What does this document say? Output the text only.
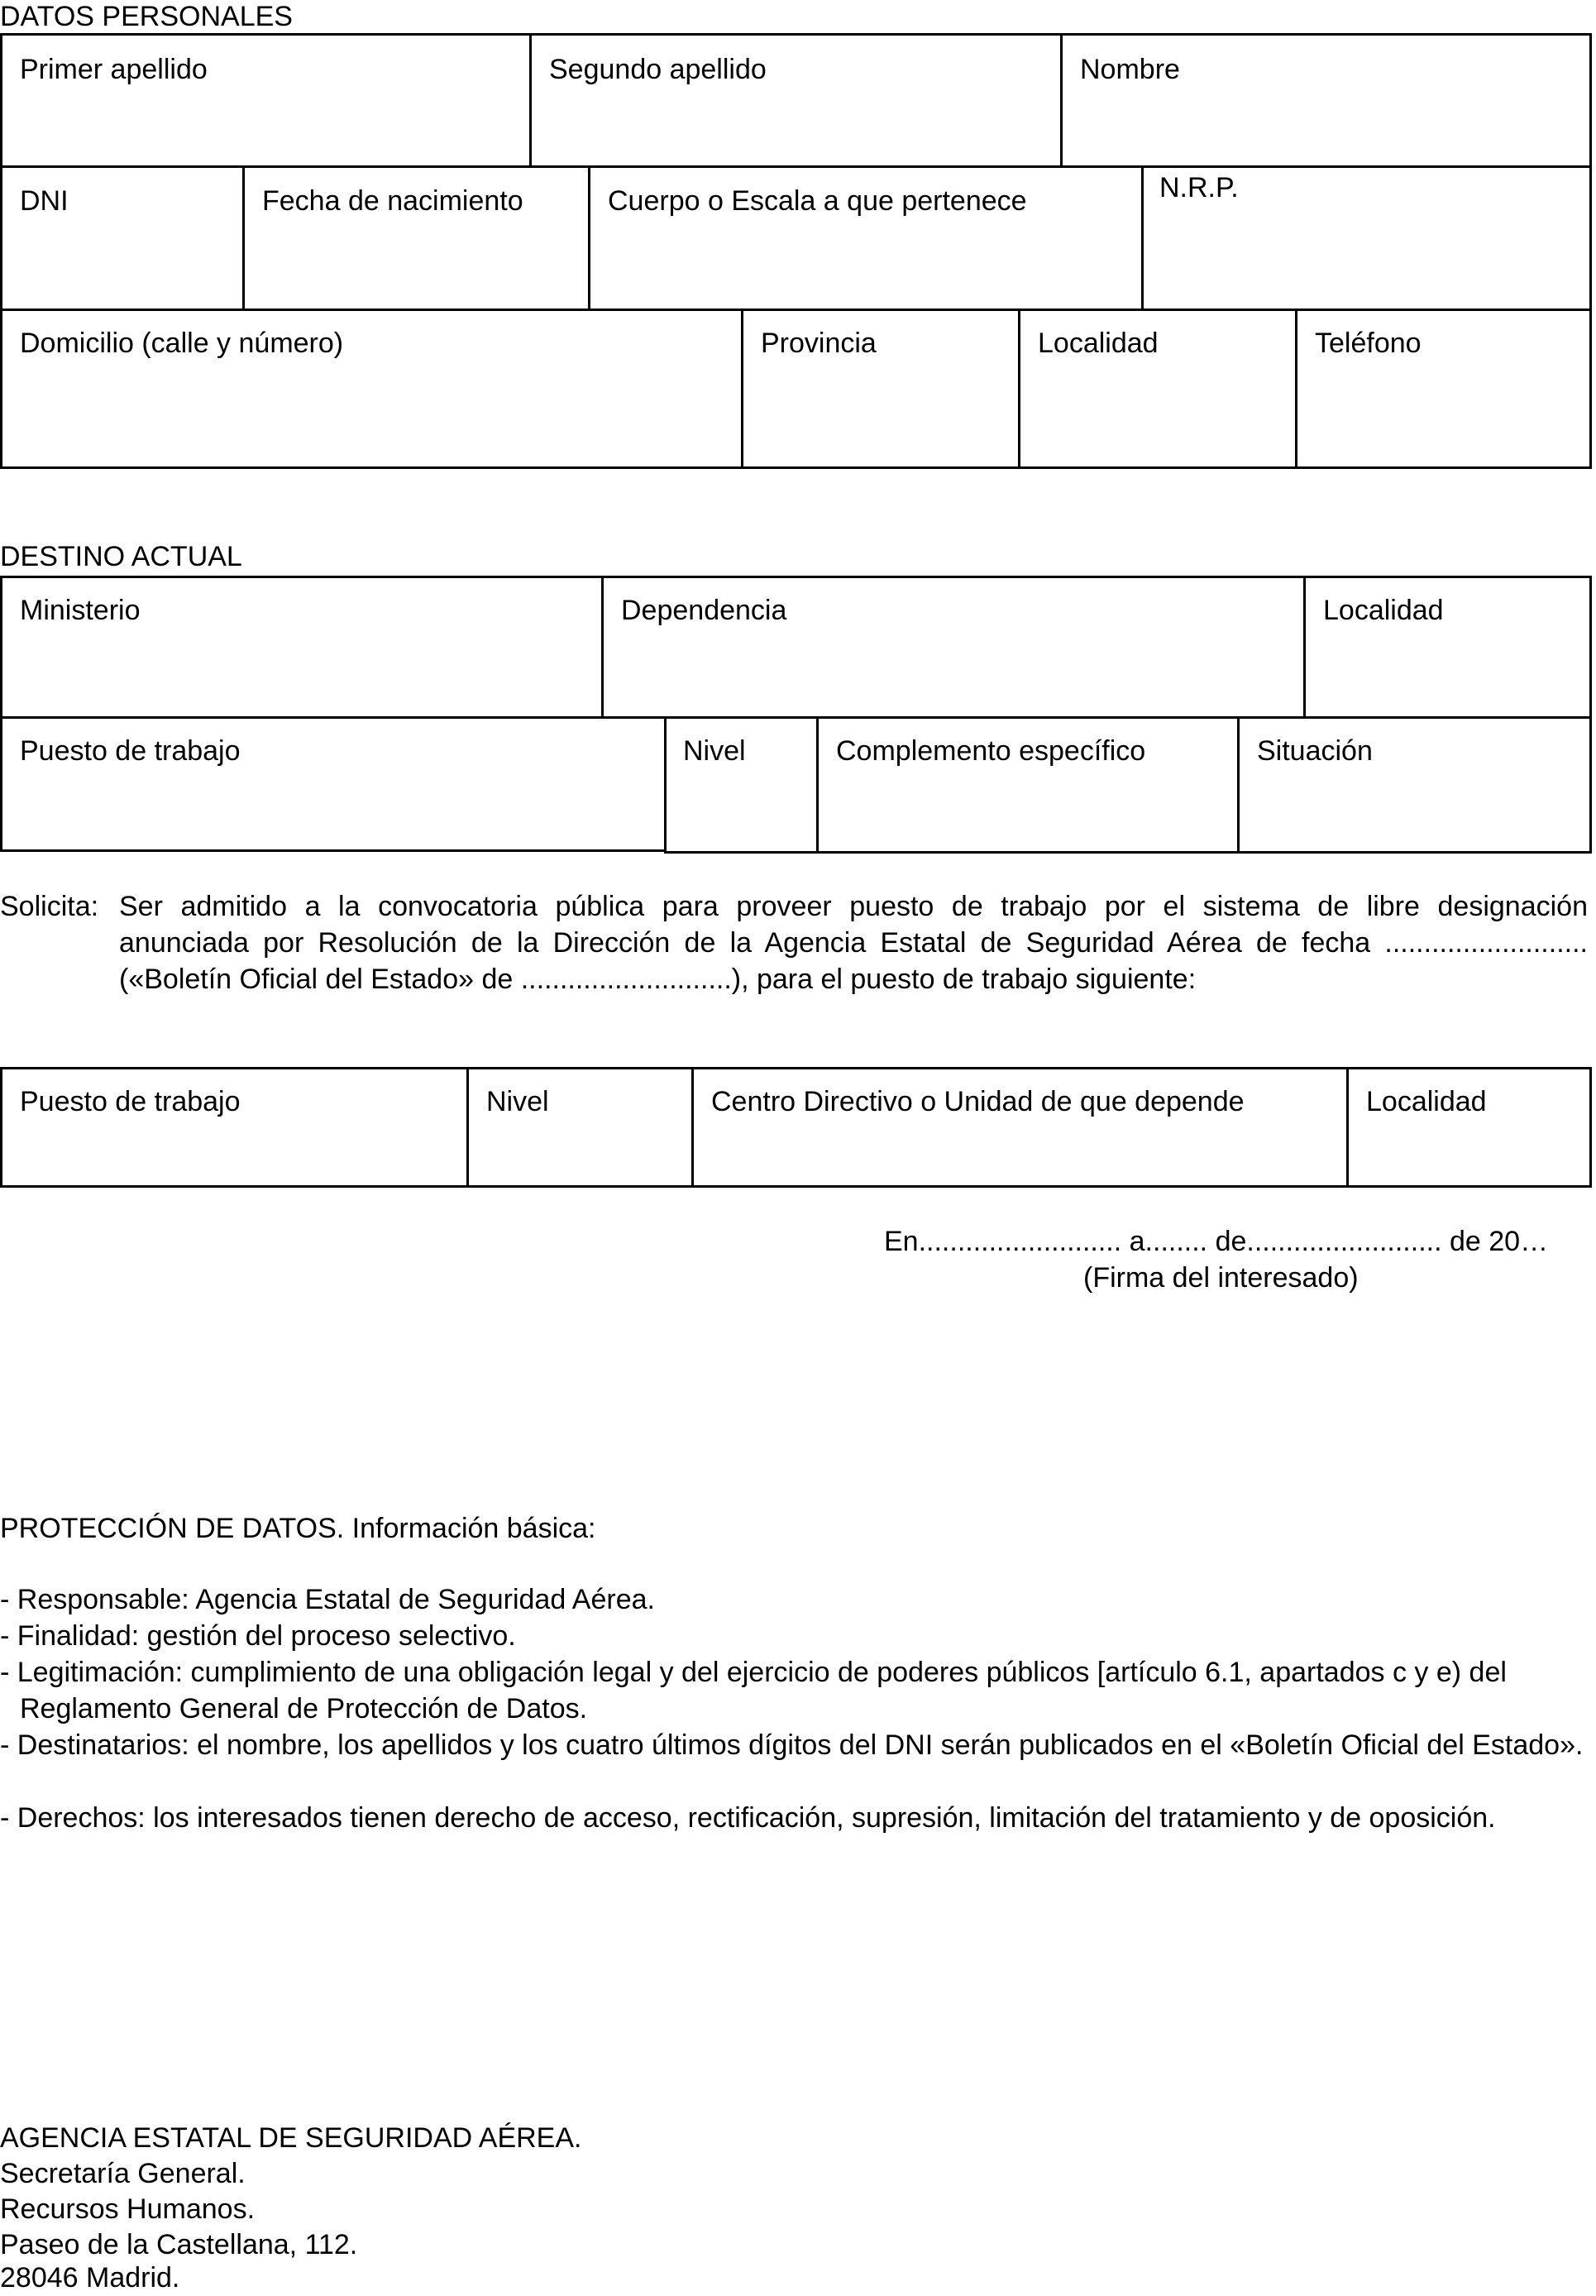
DATOS PERSONALES
Primer apellido	Segundo apellido	Nombre
DNI	Fecha de nacimiento	Cuerpo o Escala a que pertenece	N.R.P.
Domicilio (calle y número)	Provincia	Localidad	Teléfono
DESTINO ACTUAL
Ministerio	Dependencia	Localidad
Puesto de trabajo	Nivel	Complemento específico	Situación
Solicita: Ser admitido a la convocatoria pública para proveer puesto de trabajo por el sistema de libre designación
anunciada por Resolución de la Dirección de la Agencia Estatal de Seguridad Aérea de fecha ..........................
(«Boletín Oficial del Estado» de ...........................), para el puesto de trabajo siguiente:
Puesto de trabajo	Nivel	Centro Directivo o Unidad de que depende	Localidad
En.......................... a........ de......................... de 20…
(Firma del interesado)
PROTECCIÓN DE DATOS. Información básica:
- Responsable: Agencia Estatal de Seguridad Aérea.
- Finalidad: gestión del proceso selectivo.
- Legitimación: cumplimiento de una obligación legal y del ejercicio de poderes públicos [artículo 6.1, apartados c y e) del Reglamento General de Protección de Datos.
- Destinatarios: el nombre, los apellidos y los cuatro últimos dígitos del DNI serán publicados en el «Boletín Oficial del Estado».
- Derechos: los interesados tienen derecho de acceso, rectificación, supresión, limitación del tratamiento y de oposición.
AGENCIA ESTATAL DE SEGURIDAD AÉREA.
Secretaría General.
Recursos Humanos.
Paseo de la Castellana, 112.
28046 Madrid.
